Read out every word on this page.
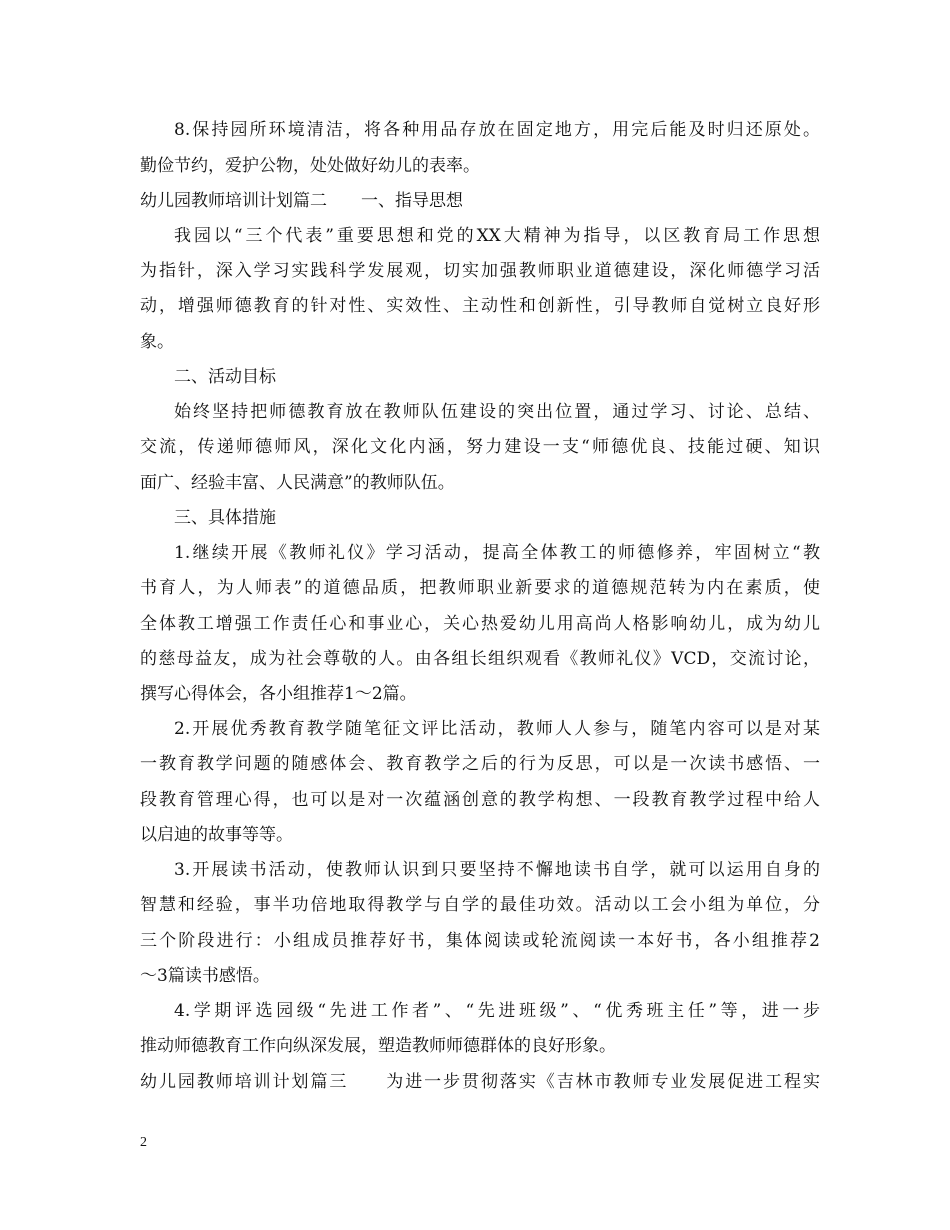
8.保持园所环境清洁，将各种用品存放在固定地方，用完后能及时归还原处。
勤俭节约，爱护公物，处处做好幼儿的表率。
幼儿园教师培训计划篇二　　一、指导思想
我园以“三个代表”重要思想和党的XX大精神为指导，以区教育局工作思想
为指针，深入学习实践科学发展观，切实加强教师职业道德建设，深化师德学习活
动，增强师德教育的针对性、实效性、主动性和创新性，引导教师自觉树立良好形
象。
二、活动目标
始终坚持把师德教育放在教师队伍建设的突出位置，通过学习、讨论、总结、
交流，传递师德师风，深化文化内涵，努力建设一支“师德优良、技能过硬、知识
面广、经验丰富、人民满意”的教师队伍。
三、具体措施
1.继续开展《教师礼仪》学习活动，提高全体教工的师德修养，牢固树立“教
书育人，为人师表”的道德品质，把教师职业新要求的道德规范转为内在素质，使
全体教工增强工作责任心和事业心，关心热爱幼儿用高尚人格影响幼儿，成为幼儿
的慈母益友，成为社会尊敬的人。由各组长组织观看《教师礼仪》VCD，交流讨论，
撰写心得体会，各小组推荐1～2篇。
2.开展优秀教育教学随笔征文评比活动，教师人人参与，随笔内容可以是对某
一教育教学问题的随感体会、教育教学之后的行为反思，可以是一次读书感悟、一
段教育管理心得，也可以是对一次蕴涵创意的教学构想、一段教育教学过程中给人
以启迪的故事等等。
3.开展读书活动，使教师认识到只要坚持不懈地读书自学，就可以运用自身的
智慧和经验，事半功倍地取得教学与自学的最佳功效。活动以工会小组为单位，分
三个阶段进行：小组成员推荐好书，集体阅读或轮流阅读一本好书，各小组推荐2
～3篇读书感悟。
4.学期评选园级“先进工作者”、“先进班级”、“优秀班主任”等，进一步
推动师德教育工作向纵深发展，塑造教师师德群体的良好形象。
幼儿园教师培训计划篇三　　为进一步贯彻落实《吉林市教师专业发展促进工程实
2
